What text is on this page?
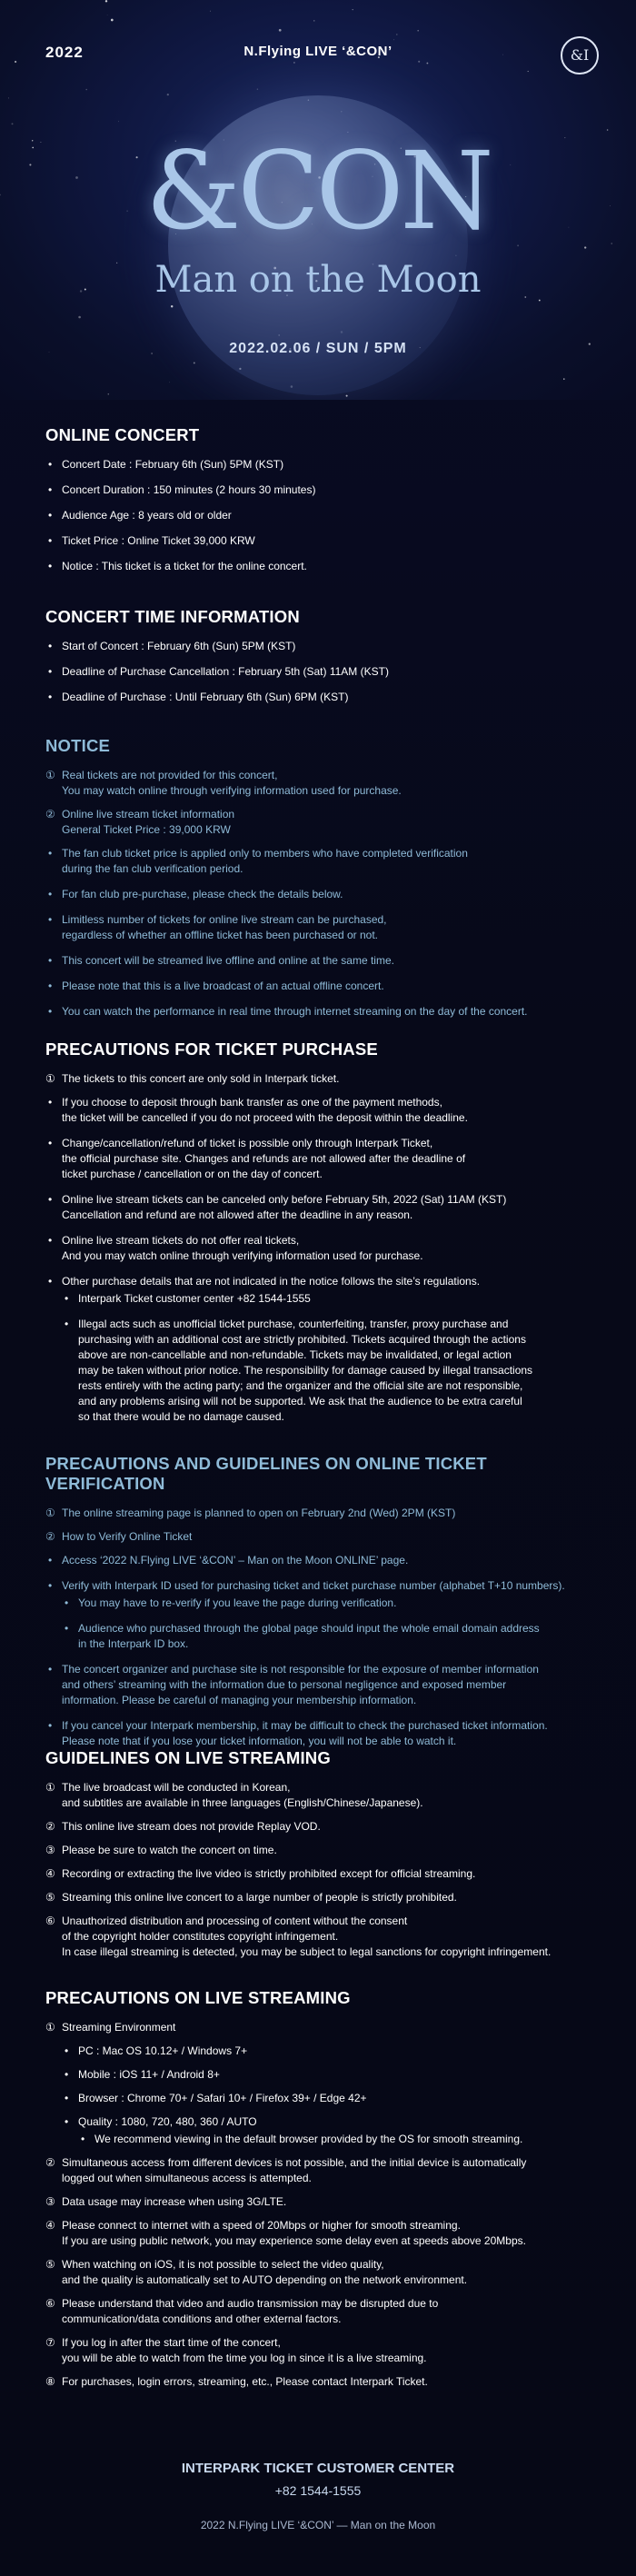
2022	N.Flying LIVE ‘&CON’	&I
&CON
Man on the Moon
2022.02.06 / SUN / 5PM
ONLINE CONCERT
• Concert Date : February 6th (Sun) 5PM (KST)
• Concert Duration : 150 minutes (2 hours 30 minutes)
• Audience Age : 8 years old or older
• Ticket Price : Online Ticket 39,000 KRW
• Notice : This ticket is a ticket for the online concert.
CONCERT TIME INFORMATION
• Start of Concert : February 6th (Sun) 5PM (KST)
• Deadline of Purchase Cancellation : February 5th (Sat) 11AM (KST)
• Deadline of Purchase : Until February 6th (Sun) 6PM (KST)
NOTICE
① Real tickets are not provided for this concert,
You may watch online through verifying information used for purchase.
② Online live stream ticket information
General Ticket Price : 39,000 KRW
• The fan club ticket price is applied only to members who have completed verification
during the fan club verification period.
• For fan club pre-purchase, please check the details below.
• Limitless number of tickets for online live stream can be purchased,
regardless of whether an offline ticket has been purchased or not.
• This concert will be streamed live offline and online at the same time.
• Please note that this is a live broadcast of an actual offline concert.
• You can watch the performance in real time through internet streaming on the day of the concert.
PRECAUTIONS FOR TICKET PURCHASE
① The tickets to this concert are only sold in Interpark ticket.
• If you choose to deposit through bank transfer as one of the payment methods,
the ticket will be cancelled if you do not proceed with the deposit within the deadline.
• Change/cancellation/refund of ticket is possible only through Interpark Ticket,
the official purchase site. Changes and refunds are not allowed after the deadline of
ticket purchase / cancellation or on the day of concert.
• Online live stream tickets can be canceled only before February 5th, 2022 (Sat) 11AM (KST)
Cancellation and refund are not allowed after the deadline in any reason.
• Online live stream tickets do not offer real tickets,
And you may watch online through verifying information used for purchase.
• Other purchase details that are not indicated in the notice follows the site’s regulations.
• Interpark Ticket customer center +82 1544-1555
• Illegal acts such as unofficial ticket purchase, counterfeiting, transfer, proxy purchase and
purchasing with an additional cost are strictly prohibited. Tickets acquired through the actions
above are non-cancellable and non-refundable. Tickets may be invalidated, or legal action
may be taken without prior notice. The responsibility for damage caused by illegal transactions
rests entirely with the acting party; and the organizer and the official site are not responsible,
and any problems arising will not be supported. We ask that the audience to be extra careful
so that there would be no damage caused.
PRECAUTIONS AND GUIDELINES ON ONLINE TICKET VERIFICATION
① The online streaming page is planned to open on February 2nd (Wed) 2PM (KST)
② How to Verify Online Ticket
• Access ‘2022 N.Flying LIVE ‘&CON’ – Man on the Moon ONLINE’ page.
• Verify with Interpark ID used for purchasing ticket and ticket purchase number (alphabet T+10 numbers).
• You may have to re-verify if you leave the page during verification.
• Audience who purchased through the global page should input the whole email domain address
in the Interpark ID box.
• The concert organizer and purchase site is not responsible for the exposure of member information
and others’ streaming with the information due to personal negligence and exposed member
information. Please be careful of managing your membership information.
• If you cancel your Interpark membership, it may be difficult to check the purchased ticket information.
Please note that if you lose your ticket information, you will not be able to watch it.
GUIDELINES ON LIVE STREAMING
① The live broadcast will be conducted in Korean,
and subtitles are available in three languages (English/Chinese/Japanese).
② This online live stream does not provide Replay VOD.
③ Please be sure to watch the concert on time.
④ Recording or extracting the live video is strictly prohibited except for official streaming.
⑤ Streaming this online live concert to a large number of people is strictly prohibited.
⑥ Unauthorized distribution and processing of content without the consent
of the copyright holder constitutes copyright infringement.
In case illegal streaming is detected, you may be subject to legal sanctions for copyright infringement.
PRECAUTIONS ON LIVE STREAMING
① Streaming Environment
• PC : Mac OS 10.12+ / Windows 7+
• Mobile : iOS 11+ / Android 8+
• Browser : Chrome 70+ / Safari 10+ / Firefox 39+ / Edge 42+
• Quality : 1080, 720, 480, 360 / AUTO
• We recommend viewing in the default browser provided by the OS for smooth streaming.
② Simultaneous access from different devices is not possible, and the initial device is automatically
logged out when simultaneous access is attempted.
③ Data usage may increase when using 3G/LTE.
④ Please connect to internet with a speed of 20Mbps or higher for smooth streaming.
If you are using public network, you may experience some delay even at speeds above 20Mbps.
⑤ When watching on iOS, it is not possible to select the video quality,
and the quality is automatically set to AUTO depending on the network environment.
⑥ Please understand that video and audio transmission may be disrupted due to
communication/data conditions and other external factors.
⑦ If you log in after the start time of the concert,
you will be able to watch from the time you log in since it is a live streaming.
⑧ For purchases, login errors, streaming, etc., Please contact Interpark Ticket.
INTERPARK TICKET CUSTOMER CENTER
+82 1544-1555
2022 N.Flying LIVE ‘&CON’ — Man on the Moon
